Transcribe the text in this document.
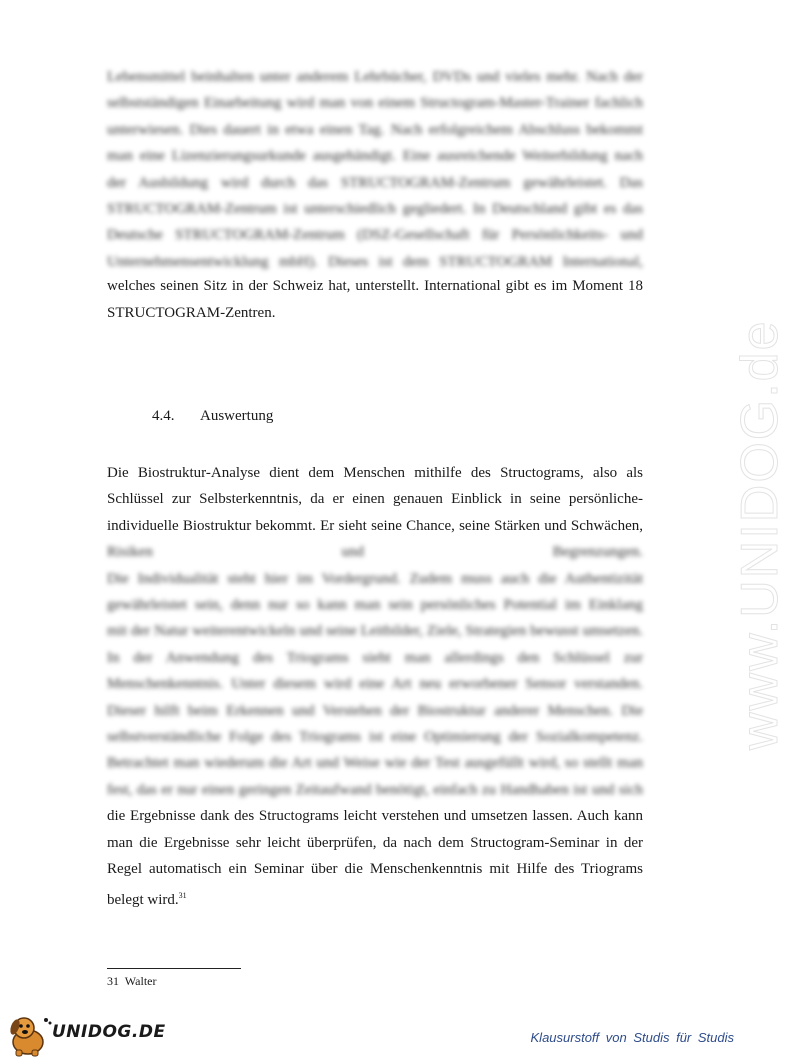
www.UNIDOG.de

Lebensmittel beinhalten unter anderem Lehrbücher, DVDs und vieles mehr. Nach der

selbstständigen Einarbeitung wird man von einem Structogram-Master-Trainer fachlich

unterwiesen. Dies dauert in etwa einen Tag. Nach erfolgreichem Abschluss bekommt

man eine Lizenzierungsurkunde ausgehändigt. Eine ausreichende Weiterbildung nach

der Ausbildung wird durch das STRUCTOGRAM-Zentrum gewährleistet. Das

STRUCTOGRAM-Zentrum ist unterschiedlich gegliedert. In Deutschland gibt es das

Deutsche STRUCTOGRAM-Zentrum (DSZ-Gesellschaft für Persönlichkeits- und

Unternehmensentwicklung mbH). Dieses ist dem STRUCTOGRAM International,

welches seinen Sitz in der Schweiz hat, unterstellt. International gibt es im Moment 18

STRUCTOGRAM-Zentren.

4.4. Auswertung

Die Biostruktur-Analyse dient dem Menschen mithilfe des Structograms, also als

Schlüssel zur Selbsterkenntnis, da er einen genauen Einblick in seine persönliche-

individuelle Biostruktur bekommt. Er sieht seine Chance, seine Stärken und Schwächen,

Risiken und Begrenzungen.

Die Individualität steht hier im Vordergrund. Zudem muss auch die Authentizität

gewährleistet sein, denn nur so kann man sein persönliches Potential im Einklang

mit der Natur weiterentwickeln und seine Leitbilder, Ziele, Strategien bewusst umsetzen.

In der Anwendung des Triograms sieht man allerdings den Schlüssel zur

Menschenkenntnis. Unter diesem wird eine Art neu erworbener Sensor verstanden.

Dieser hilft beim Erkennen und Verstehen der Biostruktur anderer Menschen. Die

selbstverständliche Folge des Triograms ist eine Optimierung der Sozialkompetenz.

Betrachtet man wiederum die Art und Weise wie der Test ausgefüllt wird, so stellt man

fest, das er nur einen geringen Zeitaufwand benötigt, einfach zu Handhaben ist und sich

die Ergebnisse dank des Structograms leicht verstehen und umsetzen lassen. Auch kann

man die Ergebnisse sehr leicht überprüfen, da nach dem Structogram-Seminar in der

Regel automatisch ein Seminar über die Menschenkenntnis mit Hilfe des Triograms

belegt wird.$^{31}$

31 Walter
UNIDOG.DE	Klausurstoff von Studis für Studis
